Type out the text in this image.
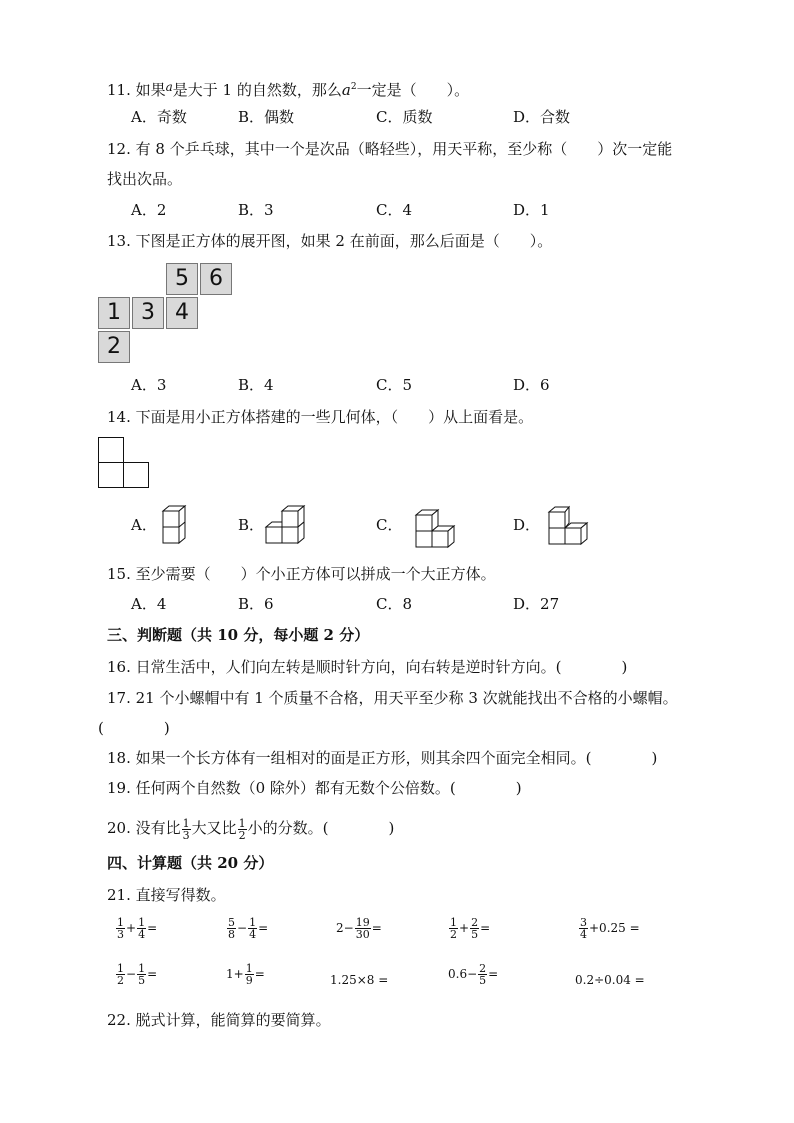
11. 如果$^a$是大于 1 的自然数，那么$a^2$一定是（　　）。
A．奇数	B．偶数	C．质数	D．合数
12. 有 8 个乒乓球，其中一个是次品（略轻些），用天平称，至少称（　　）次一定能
找出次品。
A．2	B．3	C．4	D．1
13. 下图是正方体的展开图，如果 2 在前面，那么后面是（　　）。
5 6
1 3 4
2
A．3	B．4	C．5	D．6
14. 下面是用小正方体搭建的一些几何体，（　　）从上面看是。
A．	B．	C．	D．
15. 至少需要（　　）个小正方体可以拼成一个大正方体。
A．4	B．6	C．8	D．27
三、判断题（共 10 分，每小题 2 分）
16. 日常生活中，人们向左转是顺时针方向，向右转是逆时针方向。(　　　　)
17. 21 个小螺帽中有 1 个质量不合格，用天平至少称 3 次就能找出不合格的小螺帽。
(　　　　)
18. 如果一个长方体有一组相对的面是正方形，则其余四个面完全相同。(　　　　)
19. 任何两个自然数（0 除外）都有无数个公倍数。(　　　　)
20. 没有比 $\frac{1}{3}$ 大又比 $\frac{1}{2}$ 小的分数。(　　　　)
四、计算题（共 20 分）
21. 直接写得数。
$\frac{1}{3} + \frac{1}{4}$ =	$\frac{5}{8} - \frac{1}{4}$ =	$2- \frac{19}{30}$ =	$\frac{1}{2} + \frac{2}{5}$ =	$\frac{3}{4} +0.25$ =
$\frac{1}{2} - \frac{1}{5}$ =	$1+ \frac{1}{9}$ =	1.25×8 =	$0.6- \frac{2}{5}$ =	0.2÷0.04 =
22. 脱式计算，能简算的要简算。
